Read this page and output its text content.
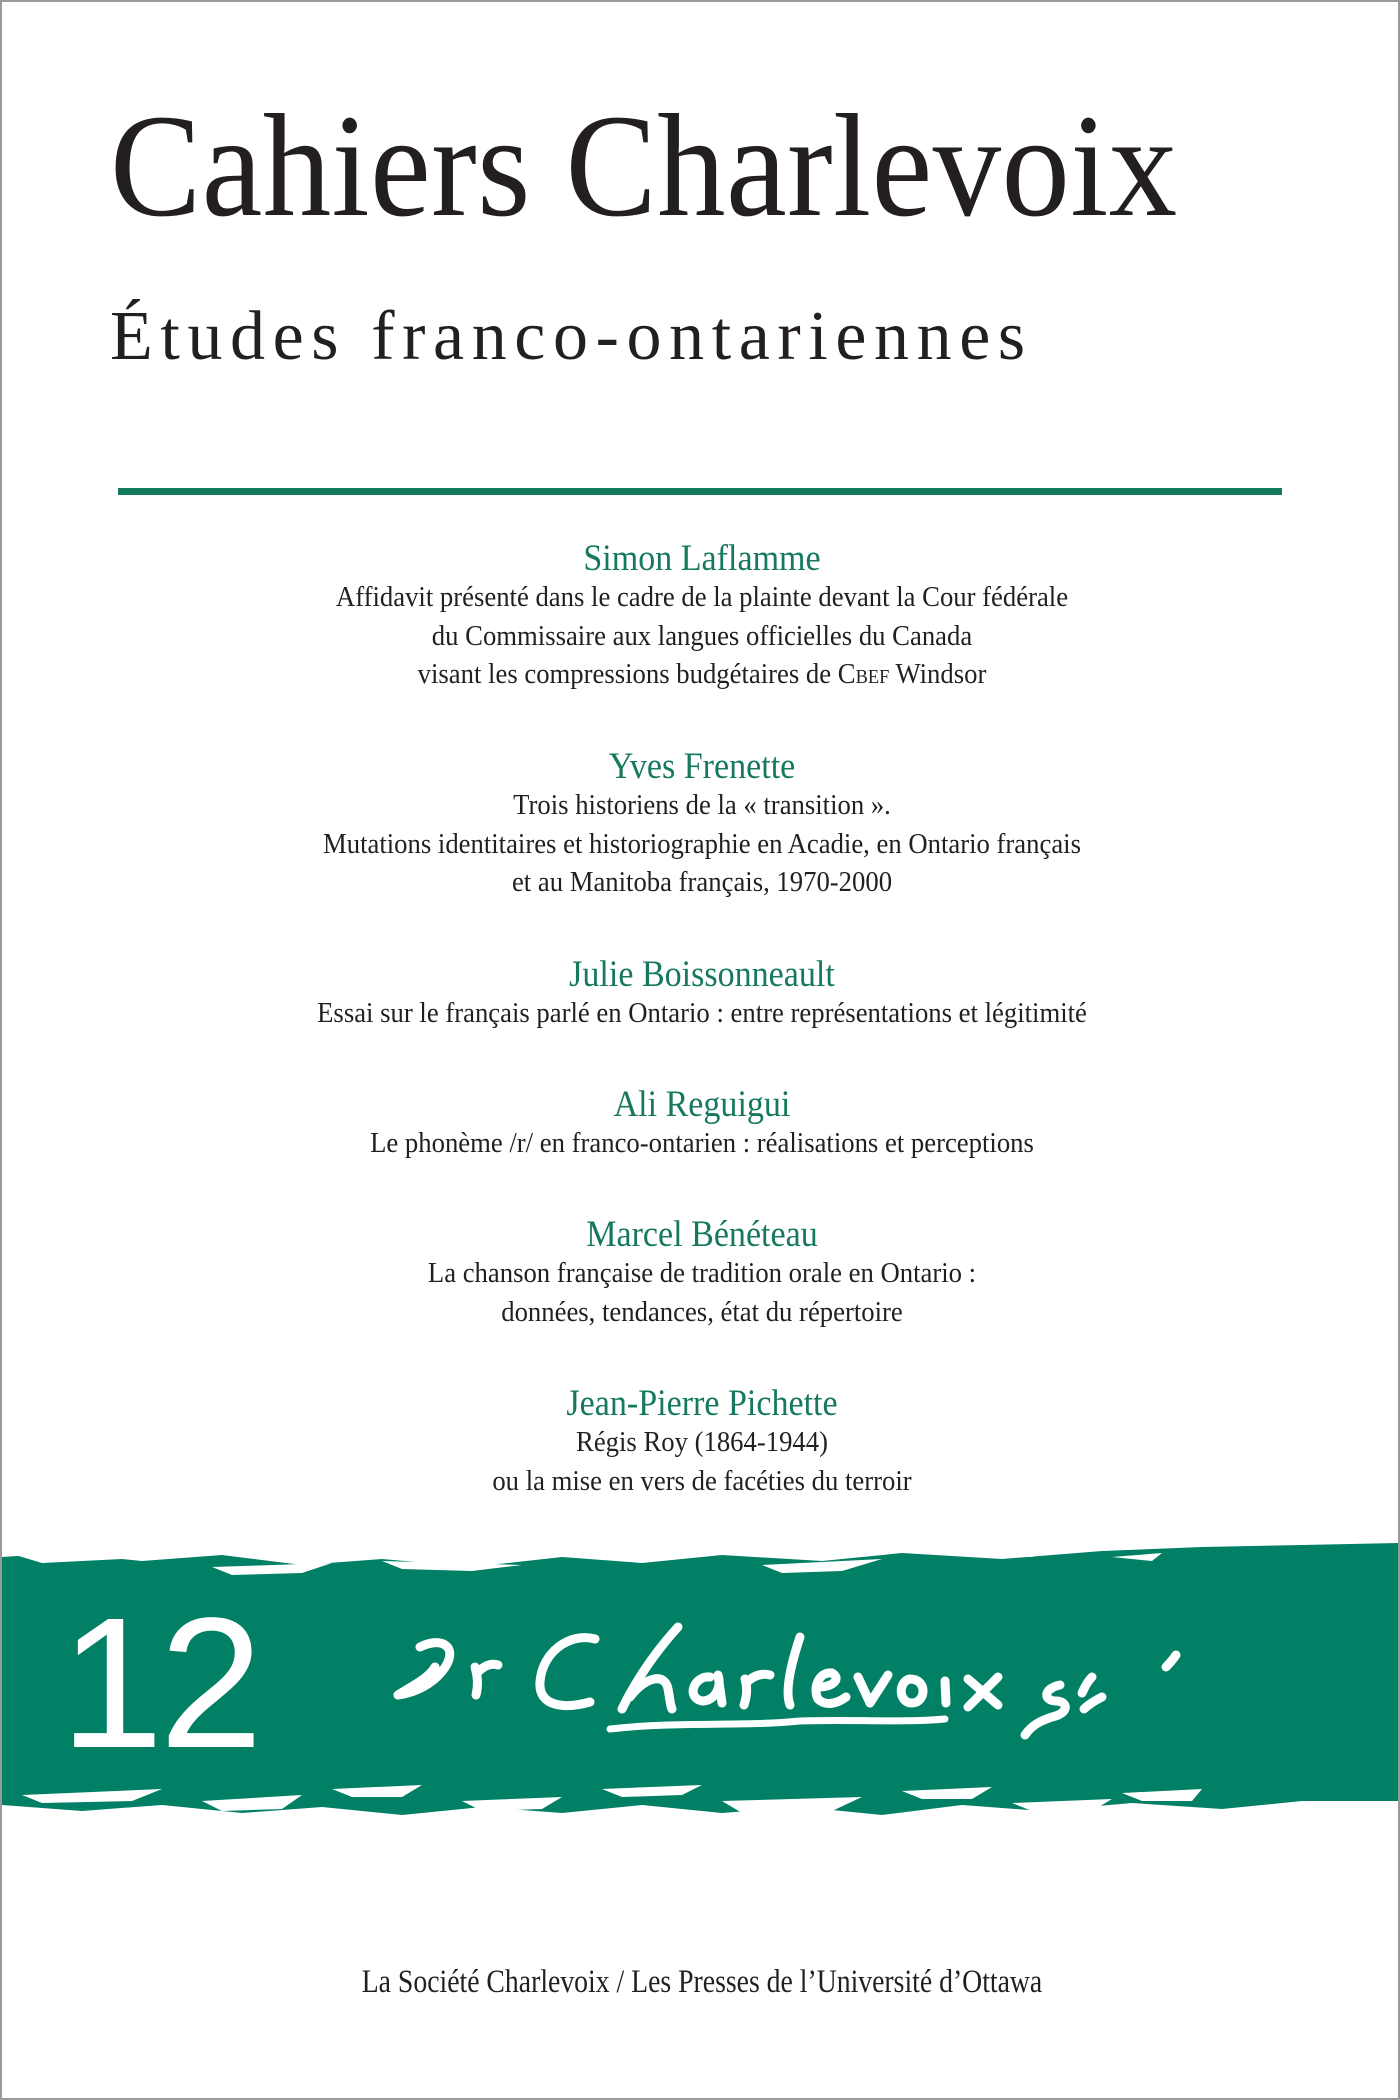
Cahiers Charlevoix
Études franco-ontariennes
Simon Laflamme
Affidavit présenté dans le cadre de la plainte devant la Cour fédérale
du Commissaire aux langues officielles du Canada
visant les compressions budgétaires de Cbef Windsor
Yves Frenette
Trois historiens de la « transition ».
Mutations identitaires et historiographie en Acadie, en Ontario français
et au Manitoba français, 1970-2000
Julie Boissonneault
Essai sur le français parlé en Ontario : entre représentations et légitimité
Ali Reguigui
Le phonème /r/ en franco-ontarien : réalisations et perceptions
Marcel Bénéteau
La chanson française de tradition orale en Ontario :
données, tendances, état du répertoire
Jean-Pierre Pichette
Régis Roy (1864-1944)
ou la mise en vers de facéties du terroir
12
La Société Charlevoix / Les Presses de l’Université d’Ottawa
